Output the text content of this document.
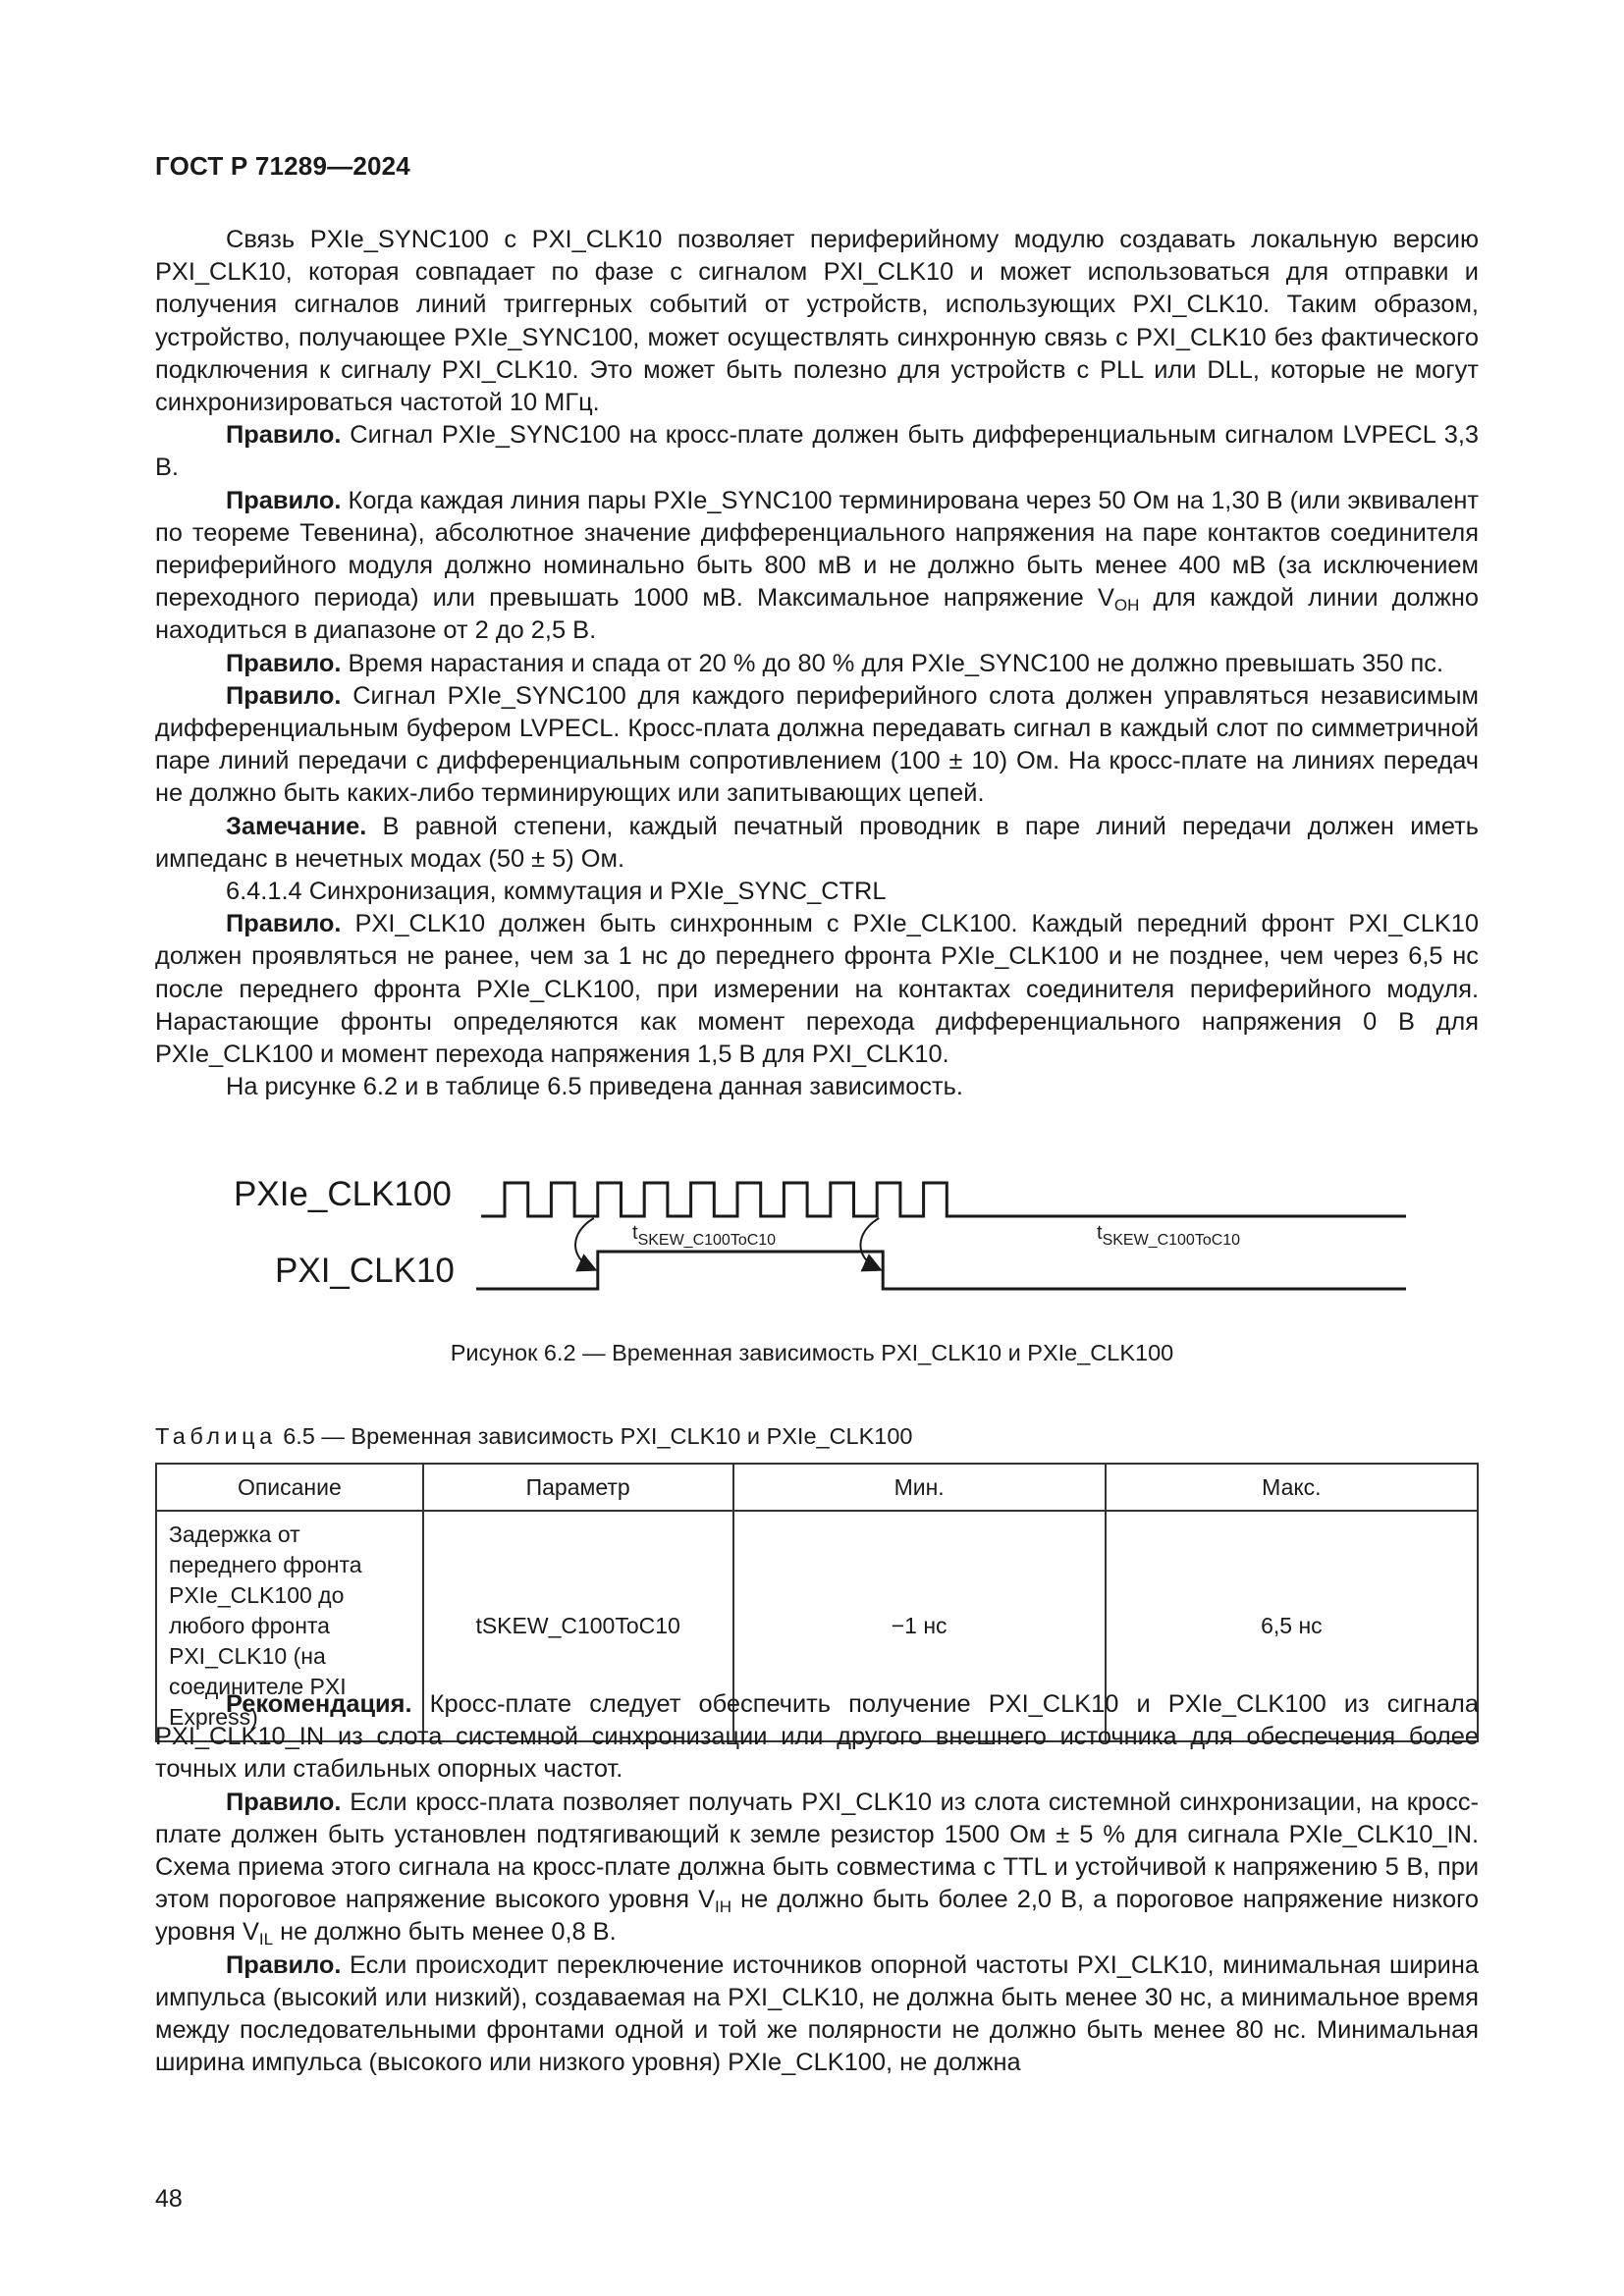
ГОСТ Р 71289—2024

Связь PXIe_SYNC100 с PXI_CLK10 позволяет периферийному модулю создавать локальную версию PXI_CLK10, которая совпадает по фазе с сигналом PXI_CLK10 и может использоваться для отправки и получения сигналов линий триггерных событий от устройств, использующих PXI_CLK10. Таким образом, устройство, получающее PXIe_SYNC100, может осуществлять синхронную связь с PXI_CLK10 без фактического подключения к сигналу PXI_CLK10. Это может быть полезно для устройств с PLL или DLL, которые не могут синхронизироваться частотой 10 МГц.

Правило. Сигнал PXIe_SYNC100 на кросс-плате должен быть дифференциальным сигналом LVPECL 3,3 В.

Правило. Когда каждая линия пары PXIe_SYNC100 терминирована через 50 Ом на 1,30 В (или эквивалент по теореме Тевенина), абсолютное значение дифференциального напряжения на паре контактов соединителя периферийного модуля должно номинально быть 800 мВ и не должно быть менее 400 мВ (за исключением переходного периода) или превышать 1000 мВ. Максимальное напряжение $V_{OH}$ для каждой линии должно находиться в диапазоне от 2 до 2,5 В.

Правило. Время нарастания и спада от 20 % до 80 % для PXIe_SYNC100 не должно превышать 350 пс.

Правило. Сигнал PXIe_SYNC100 для каждого периферийного слота должен управляться независимым дифференциальным буфером LVPECL. Кросс-плата должна передавать сигнал в каждый слот по симметричной паре линий передачи с дифференциальным сопротивлением (100 ± 10) Ом. На кросс-плате на линиях передач не должно быть каких-либо терминирующих или запитывающих цепей.

Замечание. В равной степени, каждый печатный проводник в паре линий передачи должен иметь импеданс в нечетных модах (50 ± 5) Ом.

6.4.1.4 Синхронизация, коммутация и PXIe_SYNC_CTRL

Правило. PXI_CLK10 должен быть синхронным с PXIe_CLK100. Каждый передний фронт PXI_CLK10 должен проявляться не ранее, чем за 1 нс до переднего фронта PXIe_CLK100 и не позднее, чем через 6,5 нс после переднего фронта PXIe_CLK100, при измерении на контактах соединителя периферийного модуля. Нарастающие фронты определяются как момент перехода дифференциального напряжения 0 В для PXIe_CLK100 и момент перехода напряжения 1,5 В для PXI_CLK10.

На рисунке 6.2 и в таблице 6.5 приведена данная зависимость.

PXIe_CLK100
PXI_CLK10
$t_{SKEW\_C100ToC10}$	$t_{SKEW\_C100ToC10}$
Рисунок 6.2 — Временная зависимость PXI_CLK10 и PXIe_CLK100
Таблица 6.5 — Временная зависимость PXI_CLK10 и PXIe_CLK100
Описание	Параметр	Мин.	Макс.
Задержка от переднего фронта PXIe_CLK100 до любого фронта PXI_CLK10 (на соединителе PXI Express)	tSKEW_C100ToC10	−1 нс	6,5 нс

Рекомендация. Кросс-плате следует обеспечить получение PXI_CLK10 и PXIe_CLK100 из сигнала PXI_CLK10_IN из слота системной синхронизации или другого внешнего источника для обеспечения более точных или стабильных опорных частот.

Правило. Если кросс-плата позволяет получать PXI_CLK10 из слота системной синхронизации, на кросс-плате должен быть установлен подтягивающий к земле резистор 1500 Ом ± 5 % для сигнала PXIe_CLK10_IN. Схема приема этого сигнала на кросс-плате должна быть совместима с TTL и устойчивой к напряжению 5 В, при этом пороговое напряжение высокого уровня $V_{IH}$ не должно быть более 2,0 В, а пороговое напряжение низкого уровня $V_{IL}$ не должно быть менее 0,8 В.

Правило. Если происходит переключение источников опорной частоты PXI_CLK10, минимальная ширина импульса (высокий или низкий), создаваемая на PXI_CLK10, не должна быть менее 30 нс, а минимальное время между последовательными фронтами одной и той же полярности не должно быть менее 80 нс. Минимальная ширина импульса (высокого или низкого уровня) PXIe_CLK100, не должна

48
